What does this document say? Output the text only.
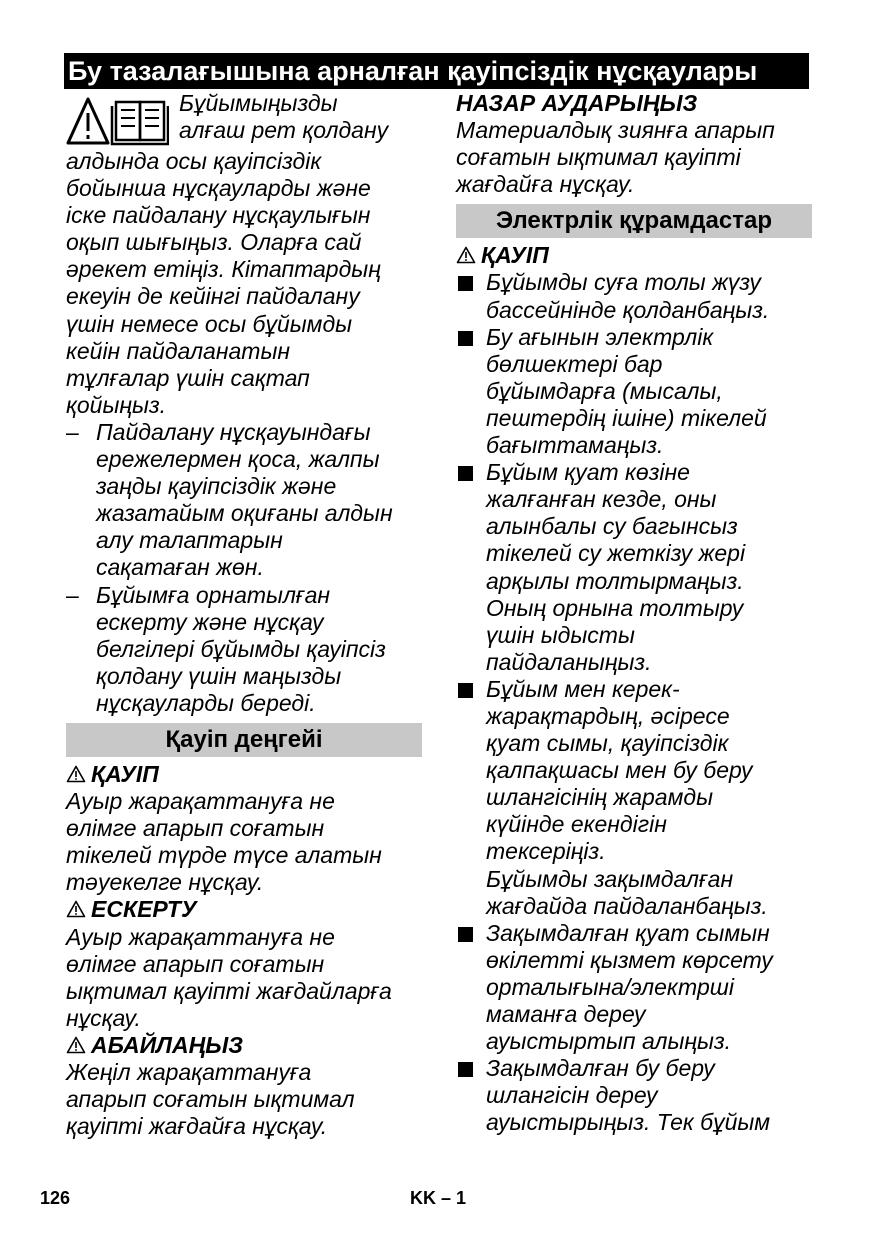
Бу тазалағышына арналған қауіпсіздік нұсқаулары

Бұйымыңызды

алғаш рет қолдану

алдында осы қауіпсіздік

бойынша нұсқауларды және

іске пайдалану нұсқаулығын

оқып шығыңыз. Оларға сай

әрекет етіңіз. Кітаптардың

екеуін де кейінгі пайдалану

үшін немесе осы бұйымды

кейін пайдаланатын

тұлғалар үшін сақтап

қойыңыз.

– Пайдалану нұсқауындағы

ережелермен қоса, жалпы

заңды қауіпсіздік және

жазатайым оқиғаны алдын

алу талаптарын

сақатаған жөн.

– Бұйымға орнатылған

ескерту және нұсқау

белгілері бұйымды қауіпсіз

қолдану үшін маңызды

нұсқауларды береді.

Қауіп деңгейі

ҚАУІП

Ауыр жарақаттануға не

өлімге апарып соғатын

тікелей түрде түсе алатын

тәуекелге нұсқау.

ЕСКЕРТУ

Ауыр жарақаттануға не

өлімге апарып соғатын

ықтимал қауіпті жағдайларға

нұсқау.

АБАЙЛАҢЫЗ

Жеңіл жарақаттануға

апарып соғатын ықтимал

қауіпті жағдайға нұсқау.

НАЗАР АУДАРЫҢЫЗ

Материалдық зиянға апарып

соғатын ықтимал қауіпті

жағдайға нұсқау.

Электрлік құрамдастар

ҚАУІП

Бұйымды суға толы жүзу

бассейнінде қолданбаңыз.

Бу ағынын электрлік

бөлшектері бар

бұйымдарға (мысалы,

пештердің ішіне) тікелей

бағыттамаңыз.

Бұйым қуат көзіне

жалғанған кезде, оны

алынбалы су багынсыз

тікелей су жеткізу жері

арқылы толтырмаңыз.

Оның орнына толтыру

үшін ыдысты

пайдаланыңыз.

Бұйым мен керек-

жарақтардың, әсіресе

қуат сымы, қауіпсіздік

қалпақшасы мен бу беру

шлангісінің жарамды

күйінде екендігін

тексеріңіз.

Бұйымды зақымдалған

жағдайда пайдаланбаңыз.

Зақымдалған қуат сымын

өкілетті қызмет көрсету

орталығына/электрші

маманға дереу

ауыстыртып алыңыз.

Зақымдалған бу беру

шлангісін дереу

ауыстырыңыз. Тек бұйым

126	KK – 1
